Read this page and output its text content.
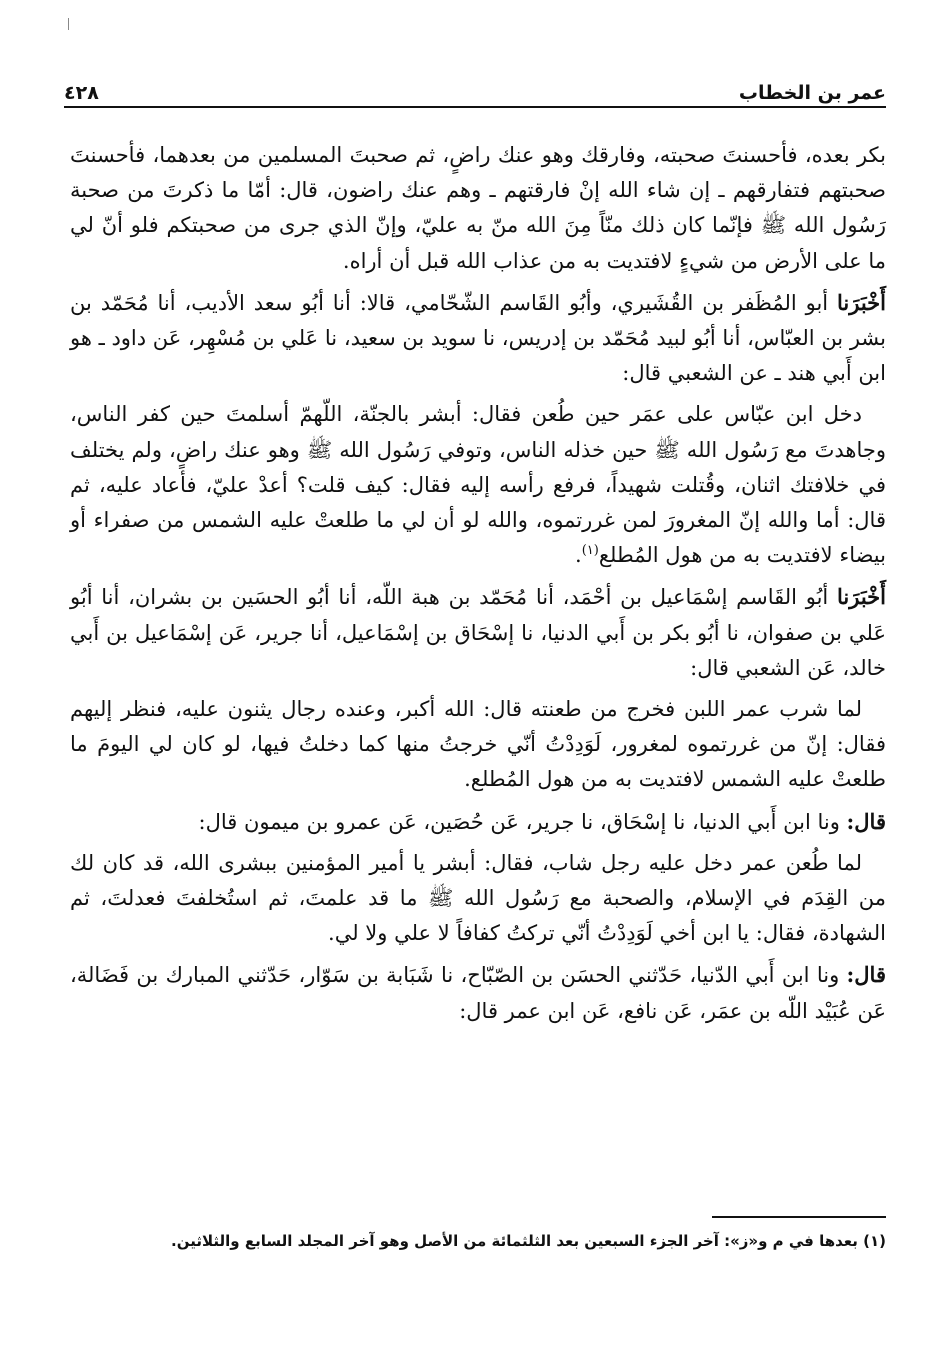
٤٢٨	عمر بن الخطاب

بكر بعده، فأحسنتَ صحبته، وفارقك وهو عنك راضٍ، ثم صحبتَ المسلمين من بعدهما، فأحسنتَ صحبتهم فتفارقهم ـ إن شاء الله إنْ فارقتهم ـ وهم عنك راضون، قال: أمّا ما ذكرتَ من صحبة رَسُول الله ﷺ فإنّما كان ذلك منّاً مِنَ الله منّ به عليّ، وإنّ الذي جرى من صحبتكم فلو أنّ لي ما على الأرض من شيءٍ لافتديت به من عذاب الله قبل أن أراه.

أَخْبَرَنا أبو المُظَفر بن القُشَيري، وأبُو القَاسم الشّحّامي، قالا: أنا أبُو سعد الأديب، أنا مُحَمّد بن بشر بن العبّاس، أنا أبُو لبيد مُحَمّد بن إدريس، نا سويد بن سعيد، نا عَلي بن مُسْهِر، عَن داود ـ هو ابن أَبي هند ـ عن الشعبي قال:

دخل ابن عبّاس على عمَر حين طُعن فقال: أبشر بالجنّة، اللّهمّ أسلمتَ حين كفر الناس، وجاهدتَ مع رَسُول الله ﷺ حين خذله الناس، وتوفي رَسُول الله ﷺ وهو عنك راضٍ، ولم يختلف في خلافتك اثنان، وقُتلت شهيداً، فرفع رأسه إليه فقال: كيف قلت؟ أعدْ عليّ، فأعاد عليه، ثم قال: أما والله إنّ المغرورَ لمن غررتموه، والله لو أن لي ما طلعتْ عليه الشمس من صفراء أو بيضاء لافتديت به من هول المُطلع$^{(١)}$.

أَخْبَرَنا أبُو القَاسم إسْمَاعيل بن أحْمَد، أنا مُحَمّد بن هبة اللّه، أنا أبُو الحسَين بن بشران، أنا أبُو عَلي بن صفوان، نا أبُو بكر بن أَبي الدنيا، نا إسْحَاق بن إسْمَاعيل، أنا جرير، عَن إسْمَاعيل بن أَبي خالد، عَن الشعبي قال:

لما شرب عمر اللبن فخرج من طعنته قال: الله أكبر، وعنده رجال يثنون عليه، فنظر إليهم فقال: إنّ من غررتموه لمغرور، لَوَدِدْتُ أنّي خرجتُ منها كما دخلتُ فيها، لو كان لي اليومَ ما طلعتْ عليه الشمس لافتديت به من هول المُطلع.

قال: ونا ابن أَبي الدنيا، نا إسْحَاق، نا جرير، عَن حُصَين، عَن عمرو بن ميمون قال:

لما طُعن عمر دخل عليه رجل شاب، فقال: أبشر يا أمير المؤمنين ببشرى الله، قد كان لك من القِدَم في الإسلام، والصحبة مع رَسُول الله ﷺ ما قد علمتَ، ثم استُخلفتَ فعدلتَ، ثم الشهادة، فقال: يا ابن أخي لَوَدِدْتُ أنّي تركتُ كفافاً لا علي ولا لي.

قال: ونا ابن أَبي الدّنيا، حَدّثني الحسَن بن الصّبّاح، نا شَبَابة بن سَوّار، حَدّثني المبارك بن فَضَالة، عَن عُبَيْد اللّه بن عمَر، عَن نافع، عَن ابن عمر قال:

(١) بعدها في م و«ز»: آخر الجزء السبعين بعد الثلثمائة من الأصل وهو آخر المجلد السابع والثلاثين.
